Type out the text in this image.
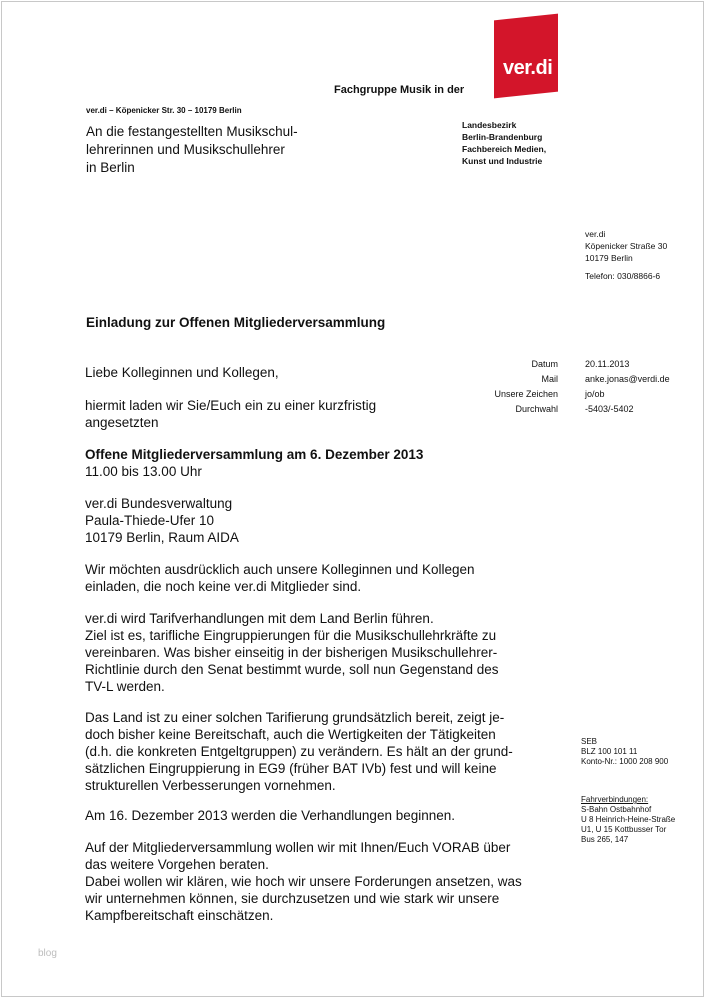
ver.di
Fachgruppe Musik in der
ver.di – Köpenicker Str. 30 – 10179 Berlin
An die festangestellten Musikschul-
lehrerinnen und Musikschullehrer
in Berlin
Landesbezirk
Berlin-Brandenburg
Fachbereich Medien,
Kunst und Industrie
ver.di
Köpenicker Straße 30
10179 Berlin
Telefon: 030/8866-6
Einladung zur Offenen Mitgliederversammlung
Datum	20.11.2013
Mail	anke.jonas@verdi.de
Unsere Zeichen	jo/ob
Durchwahl	-5403/-5402
Liebe Kolleginnen und Kollegen,
hiermit laden wir Sie/Euch ein zu einer kurzfristig
angesetzten
Offene Mitgliederversammlung am 6. Dezember 2013
11.00 bis 13.00 Uhr
ver.di Bundesverwaltung
Paula-Thiede-Ufer 10
10179 Berlin, Raum AIDA
Wir möchten ausdrücklich auch unsere Kolleginnen und Kollegen
einladen, die noch keine ver.di Mitglieder sind.
ver.di wird Tarifverhandlungen mit dem Land Berlin führen.
Ziel ist es, tarifliche Eingruppierungen für die Musikschullehrkräfte zu
vereinbaren. Was bisher einseitig in der bisherigen Musikschullehrer-
Richtlinie durch den Senat bestimmt wurde, soll nun Gegenstand des
TV-L werden.
Das Land ist zu einer solchen Tarifierung grundsätzlich bereit, zeigt je-
doch bisher keine Bereitschaft, auch die Wertigkeiten der Tätigkeiten
(d.h. die konkreten Entgeltgruppen) zu verändern. Es hält an der grund-
sätzlichen Eingruppierung in EG9 (früher BAT IVb) fest und will keine
strukturellen Verbesserungen vornehmen.
Am 16. Dezember 2013 werden die Verhandlungen beginnen.
Auf der Mitgliederversammlung wollen wir mit Ihnen/Euch VORAB über
das weitere Vorgehen beraten.
Dabei wollen wir klären, wie hoch wir unsere Forderungen ansetzen, was
wir unternehmen können, sie durchzusetzen und wie stark wir unsere
Kampfbereitschaft einschätzen.
SEB
BLZ 100 101 11
Konto-Nr.: 1000 208 900
Fahrverbindungen:
S-Bahn Ostbahnhof
U 8 Heinrich-Heine-Straße
U1, U 15 Kottbusser Tor
Bus 265, 147
blog
